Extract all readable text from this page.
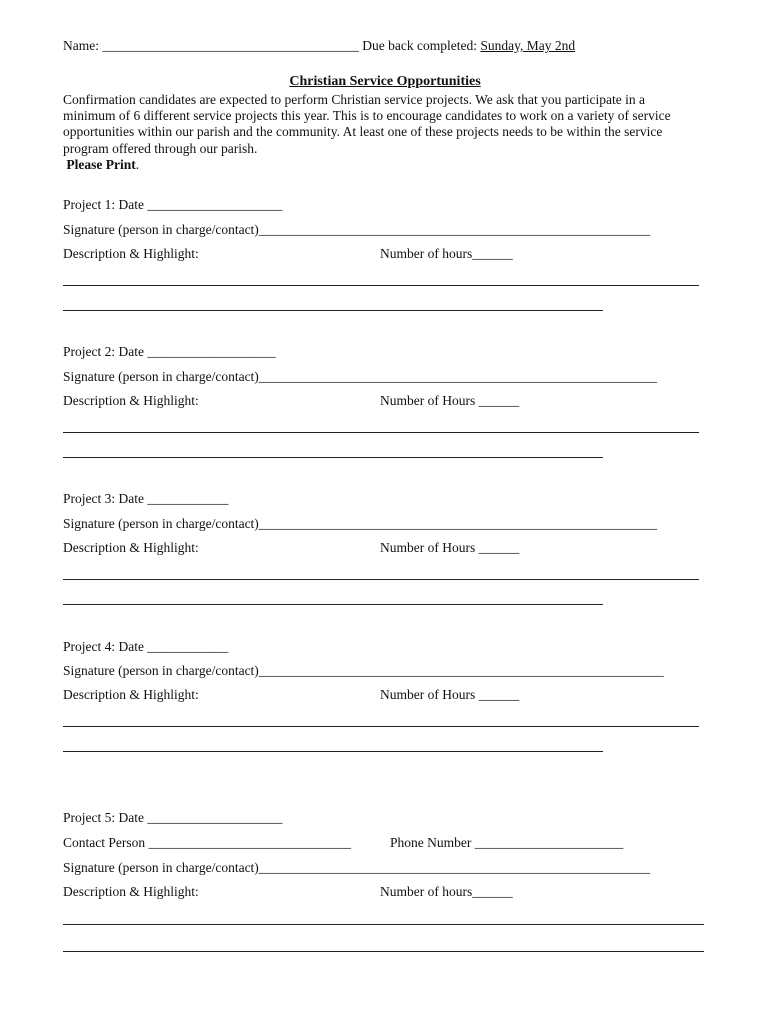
Name: ______________________________________ Due back completed: Sunday, May 2nd
Christian Service Opportunities
Confirmation candidates are expected to perform Christian service projects. We ask that you participate in a
minimum of 6 different service projects this year. This is to encourage candidates to work on a variety of service
opportunities within our parish and the community. At least one of these projects needs to be within the service
program offered through our parish.
Please Print.
Project 1: Date ____________________
Signature (person in charge/contact)__________________________________________________________
Description & Highlight:	Number of hours______
Project 2: Date ___________________
Signature (person in charge/contact)___________________________________________________________
Description & Highlight:	Number of Hours ______
Project 3: Date ____________
Signature (person in charge/contact)___________________________________________________________
Description & Highlight:	Number of Hours ______
Project 4: Date ____________
Signature (person in charge/contact)____________________________________________________________
Description & Highlight:	Number of Hours ______
Project 5: Date ____________________
Contact Person ______________________________	Phone Number ______________________
Signature (person in charge/contact)__________________________________________________________
Description & Highlight:	Number of hours______
